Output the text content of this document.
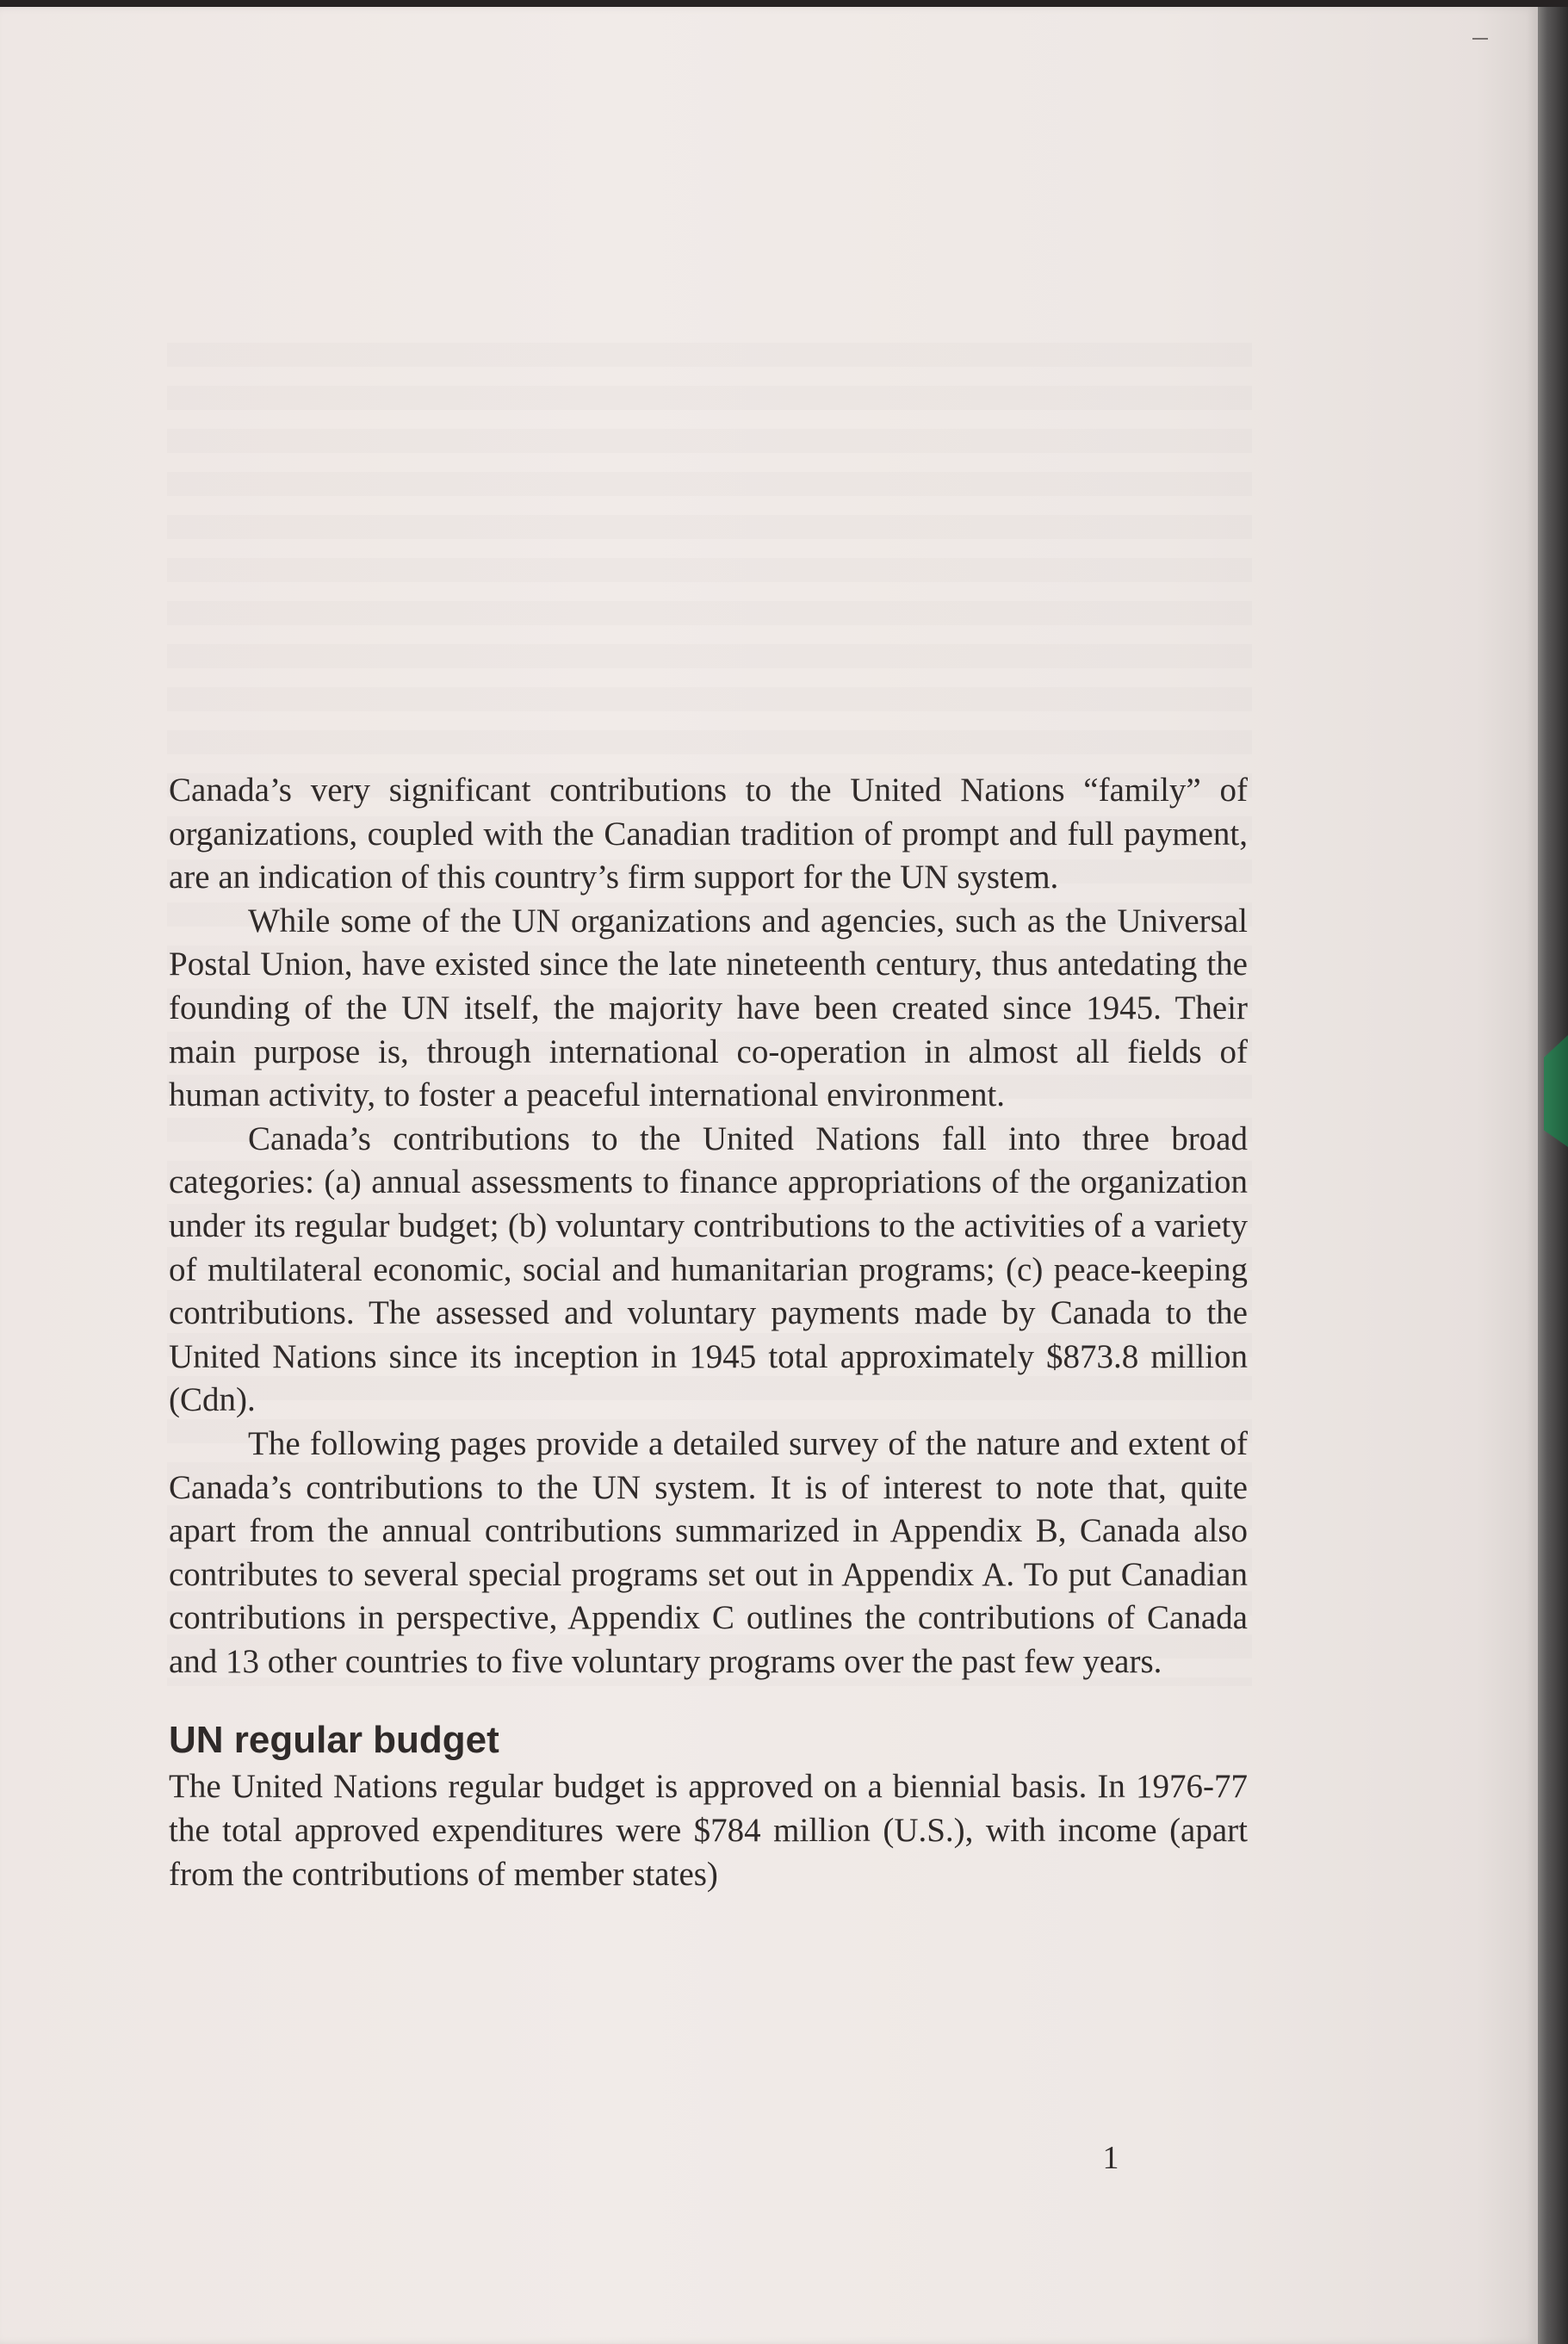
Canada’s very significant contributions to the United Nations “family” of organizations, coupled with the Canadian tradition of prompt and full payment, are an indication of this country’s firm support for the UN system.

While some of the UN organizations and agencies, such as the Universal Postal Union, have existed since the late nineteenth century, thus antedating the founding of the UN itself, the majority have been created since 1945. Their main purpose is, through international co-operation in almost all fields of human activity, to foster a peaceful international environment.

Canada’s contributions to the United Nations fall into three broad categories: (a) annual assessments to finance appropriations of the organization under its regular budget; (b) voluntary contributions to the activities of a variety of multilateral economic, social and humanitarian programs; (c) peace-keeping contributions. The assessed and voluntary payments made by Canada to the United Nations since its inception in 1945 total approximately $873.8 million (Cdn).

The following pages provide a detailed survey of the nature and extent of Canada’s contributions to the UN system. It is of interest to note that, quite apart from the annual contributions summarized in Appendix B, Canada also contributes to several special programs set out in Appendix A. To put Canadian contributions in perspective, Appendix C outlines the contributions of Canada and 13 other countries to five voluntary programs over the past few years.

UN regular budget

The United Nations regular budget is approved on a biennial basis. In 1976-77 the total approved expenditures were $784 million (U.S.), with income (apart from the contributions of member states)

1
